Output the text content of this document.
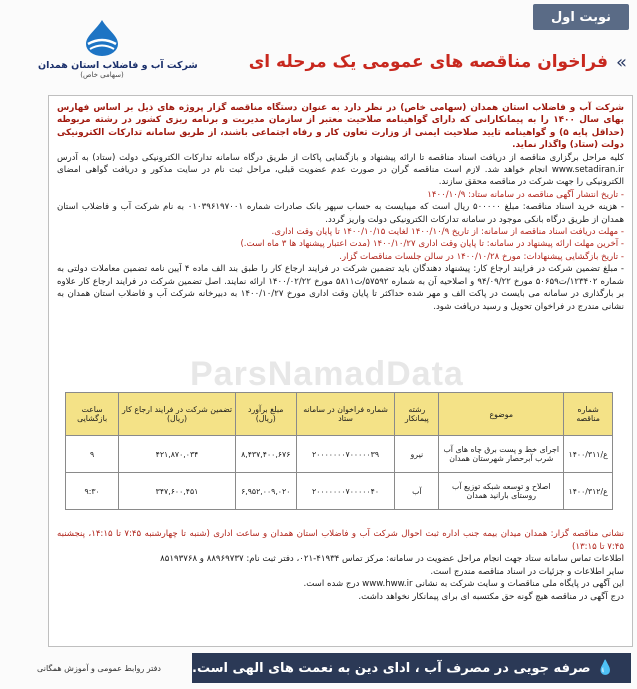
نوبت اول
شرکت آب و فاضلاب استان همدان
(سهامی خاص)
فراخوان مناقصه های عمومی یک مرحله ای «

شرکت آب و فاضلاب استان همدان (سهامی خاص) در نظر دارد به عنوان دستگاه مناقصه گزار پروژه های ذیل بر اساس فهارس بهای سال ۱۴۰۰ را به پیمانکارانی که دارای گواهینامه صلاحیت معتبر از سازمان مدیریت و برنامه ریزی کشور در رشته مربوطه (حداقل پایه ۵) و گواهینامه تایید صلاحیت ایمنی از وزارت تعاون کار و رفاه اجتماعی باشند، از طریق سامانه تدارکات الکترونیکی دولت (ستاد) واگذار نماید.

کلیه مراحل برگزاری مناقصه از دریافت اسناد مناقصه تا ارائه پیشنهاد و بازگشایی پاکات از طریق درگاه سامانه تدارکات الکترونیکی دولت (ستاد) به آدرس www.setadiran.ir انجام خواهد شد. لازم است مناقصه گران در صورت عدم عضویت قبلی، مراحل ثبت نام در سایت مذکور و دریافت گواهی امضای الکترونیکی را جهت شرکت در مناقصه محقق سازند.

- تاریخ انتشار آگهی مناقصه در سامانه ستاد: ۱۴۰۰/۱۰/۹

- هزینه خرید اسناد مناقصه: مبلغ ۵۰۰۰۰۰ ریال است که میبایست به حساب سپهر بانک صادرات شماره ۰۱۰۳۹۶۱۹۷۰۰۱ به نام شرکت آب و فاضلاب استان همدان از طریق درگاه بانکی موجود در سامانه تدارکات الکترونیکی دولت واریز گردد.

- مهلت دریافت اسناد مناقصه از سامانه: از تاریخ ۱۴۰۰/۱۰/۹ لغایت ۱۴۰۰/۱۰/۱۵ تا پایان وقت اداری.

- آخرین مهلت ارائه پیشنهاد در سامانه: تا پایان وقت اداری ۱۴۰۰/۱۰/۲۷ (مدت اعتبار پیشنهاد ها ۳ ماه است.)

- تاریخ بازگشایی پیشنهادات: مورخ ۱۴۰۰/۱۰/۲۸ در سالن جلسات مناقصات گزار.

- مبلغ تضمین شرکت در فرایند ارجاع کار: پیشنهاد دهندگان باید تضمین شرکت در فرایند ارجاع کار را طبق بند الف ماده ۴ آیین نامه تضمین معاملات دولتی به شماره ۱۲۳۴۰۲/ت۵۰۶۵۹ مورخ ۹۴/۰۹/۲۲ و اصلاحیه آن به شماره ۵۷۵۹۲/ت۵۸۱۱ مورخ ۱۴۰۰/۰۲/۲۲ ارائه نمایند. اصل تضمین شرکت در فرایند ارجاع کار علاوه بر بارگذاری در سامانه می بایست در پاکت الف و مهر شده حداکثر تا پایان وقت اداری مورخ ۱۴۰۰/۱۰/۲۷ به دبیرخانه شرکت آب و فاضلاب استان همدان به نشانی مندرج در فراخوان تحویل و رسید دریافت شود.

شماره مناقصه	موضوع	رشته پیمانکار	شماره فراخوان در سامانه ستاد	مبلغ برآورد (ریال)	تضمین شرکت در فرایند ارجاع کار (ریال)	ساعت بازگشایی
ع/۱۴۰۰/۳۱۱	اجرای خط و پست برق چاه های آب شرب آبرحصار شهرستان همدان	نیرو	۲۰۰۰۰۰۰۰۷۰۰۰۰۰۳۹	۸,۴۳۷,۴۰۰,۶۷۶	۴۲۱,۸۷۰,۰۳۴	۹
ع/۱۴۰۰/۳۱۲	اصلاح و توسعه شبکه توزیع آب روستای بارانید همدان	آب	۲۰۰۰۰۰۰۰۷۰۰۰۰۰۴۰	۶,۹۵۲,۰۰۹,۰۲۰	۳۴۷,۶۰۰,۴۵۱	۹:۳۰

نشانی مناقصه گزار: همدان میدان بیمه جنب اداره ثبت احوال شرکت آب و فاضلاب استان همدان و ساعت اداری (شنبه تا چهارشنبه ۷:۴۵ تا ۱۴:۱۵، پنجشنبه ۷:۴۵ تا ۱۳:۱۵)

اطلاعات تماس سامانه ستاد جهت انجام مراحل عضویت در سامانه: مرکز تماس ۴۱۹۳۴-۰۲۱، دفتر ثبت نام: ۸۸۹۶۹۷۳۷ و ۸۵۱۹۳۷۶۸

سایر اطلاعات و جزئیات در اسناد مناقصه مندرج است.

این آگهی در پایگاه ملی مناقصات و سایت شرکت به نشانی www.hww.ir درج شده است.

درج آگهی در مناقصه هیچ گونه حق مکتسبه ای برای پیمانکار نخواهد داشت.

دفتر روابط عمومی و آموزش همگانی	💧
صرفه جویی در مصرف آب ، ادای دین به نعمت های الهی است.
